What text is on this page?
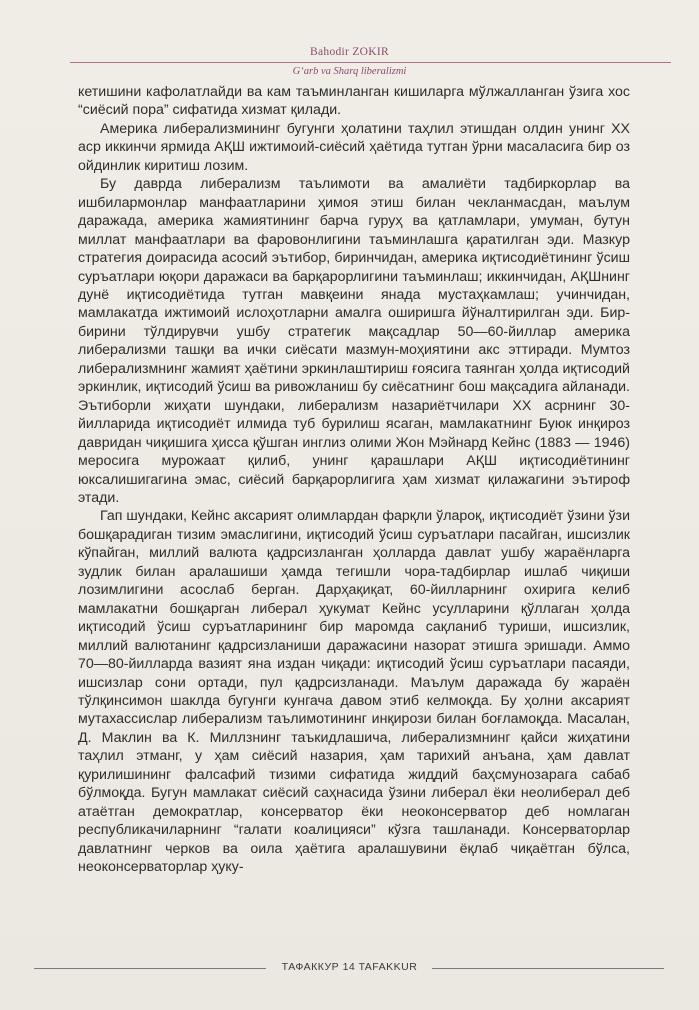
Bahodir ZOKIR
G‘arb va Sharq liberalizmi

кетишини кафолатлайди ва кам таъминланган кишиларга мўлжалланган ўзига хос “сиёсий пора” сифатида хизмат қилади.

Америка либерализмининг бугунги ҳолатини таҳлил этишдан олдин унинг ХХ аср иккинчи ярмида АҚШ ижтимоий-сиёсий ҳаётида тутган ўрни масаласига бир оз ойдинлик киритиш лозим.

Бу даврда либерализм таълимоти ва амалиёти тадбиркорлар ва ишбилармонлар манфаатларини ҳимоя этиш билан чекланмасдан, маълум даражада, америка жамиятининг барча гуруҳ ва қатламлари, умуман, бутун миллат манфаатлари ва фаровонлигини таъминлашга қаратилган эди. Мазкур стратегия доирасида асосий эътибор, биринчидан, америка иқтисодиётининг ўсиш суръатлари юқори даражаси ва барқарорлигини таъминлаш; иккинчидан, АҚШнинг дунё иқтисодиётида тутган мавқеини янада мустаҳкамлаш; учинчидан, мамлакатда ижтимоий ислоҳотларни амалга оширишга йўналтирилган эди. Бир-бирини тўлдирувчи ушбу стратегик мақсадлар 50—60-йиллар америка либерализми ташқи ва ички сиёсати мазмун-моҳиятини акс эттиради. Мумтоз либерализмнинг жамият ҳаётини эркинлаштириш ғоясига таянган ҳолда иқтисодий эркинлик, иқтисодий ўсиш ва ривожланиш бу сиёсатнинг бош мақсадига айланади. Эътиборли жиҳати шундаки, либерализм назариётчилари ХХ асрнинг 30-йилларида иқтисодиёт илмида туб бурилиш ясаган, мамлакатнинг Буюк инқироз давридан чиқишига ҳисса қўшган инглиз олими Жон Мэйнард Кейнс (1883 — 1946) меросига мурожаат қилиб, унинг қарашлари АҚШ иқтисодиётининг юксалишигагина эмас, сиёсий барқарорлигига ҳам хизмат қилажагини эътироф этади.

Гап шундаки, Кейнс аксарият олимлардан фарқли ўлароқ, иқтисодиёт ўзини ўзи бошқарадиган тизим эмаслигини, иқтисодий ўсиш суръатлари пасайган, ишсизлик кўпайган, миллий валюта қадрсизланган ҳолларда давлат ушбу жараёнларга зудлик билан аралашиши ҳамда тегишли чора-тадбирлар ишлаб чиқиши лозимлигини асослаб берган. Дарҳақиқат, 60-йилларнинг охирига келиб мамлакатни бошқарган либерал ҳукумат Кейнс усулларини қўллаган ҳолда иқтисодий ўсиш суръатларининг бир маромда сақланиб туриши, ишсизлик, миллий валютанинг қадрсизланиши даражасини назорат этишга эришади. Аммо 70—80-йилларда вазият яна издан чиқади: иқтисодий ўсиш суръатлари пасаяди, ишсизлар сони ортади, пул қадрсизланади. Маълум даражада бу жараён тўлқинсимон шаклда бугунги кунгача давом этиб келмоқда. Бу ҳолни аксарият мутахассислар либерализм таълимотининг инқирози билан боғламоқда. Масалан, Д. Маклин ва К. Миллзнинг таъкидлашича, либерализмнинг қайси жиҳатини таҳлил этманг, у ҳам сиёсий назария, ҳам тарихий анъана, ҳам давлат қурилишининг фалсафий тизими сифатида жиддий баҳсмунозарага сабаб бўлмоқда. Бугун мамлакат сиёсий саҳнасида ўзини либерал ёки неолиберал деб атаётган демократлар, консерватор ёки неоконсерватор деб номлаган республикачиларнинг “галати коалицияси” кўзга ташланади. Консерваторлар давлатнинг черков ва оила ҳаётига аралашувини ёқлаб чиқаётган бўлса, неоконсерваторлар ҳуку-

ТАФАККУР 14 TAFAKKUR
